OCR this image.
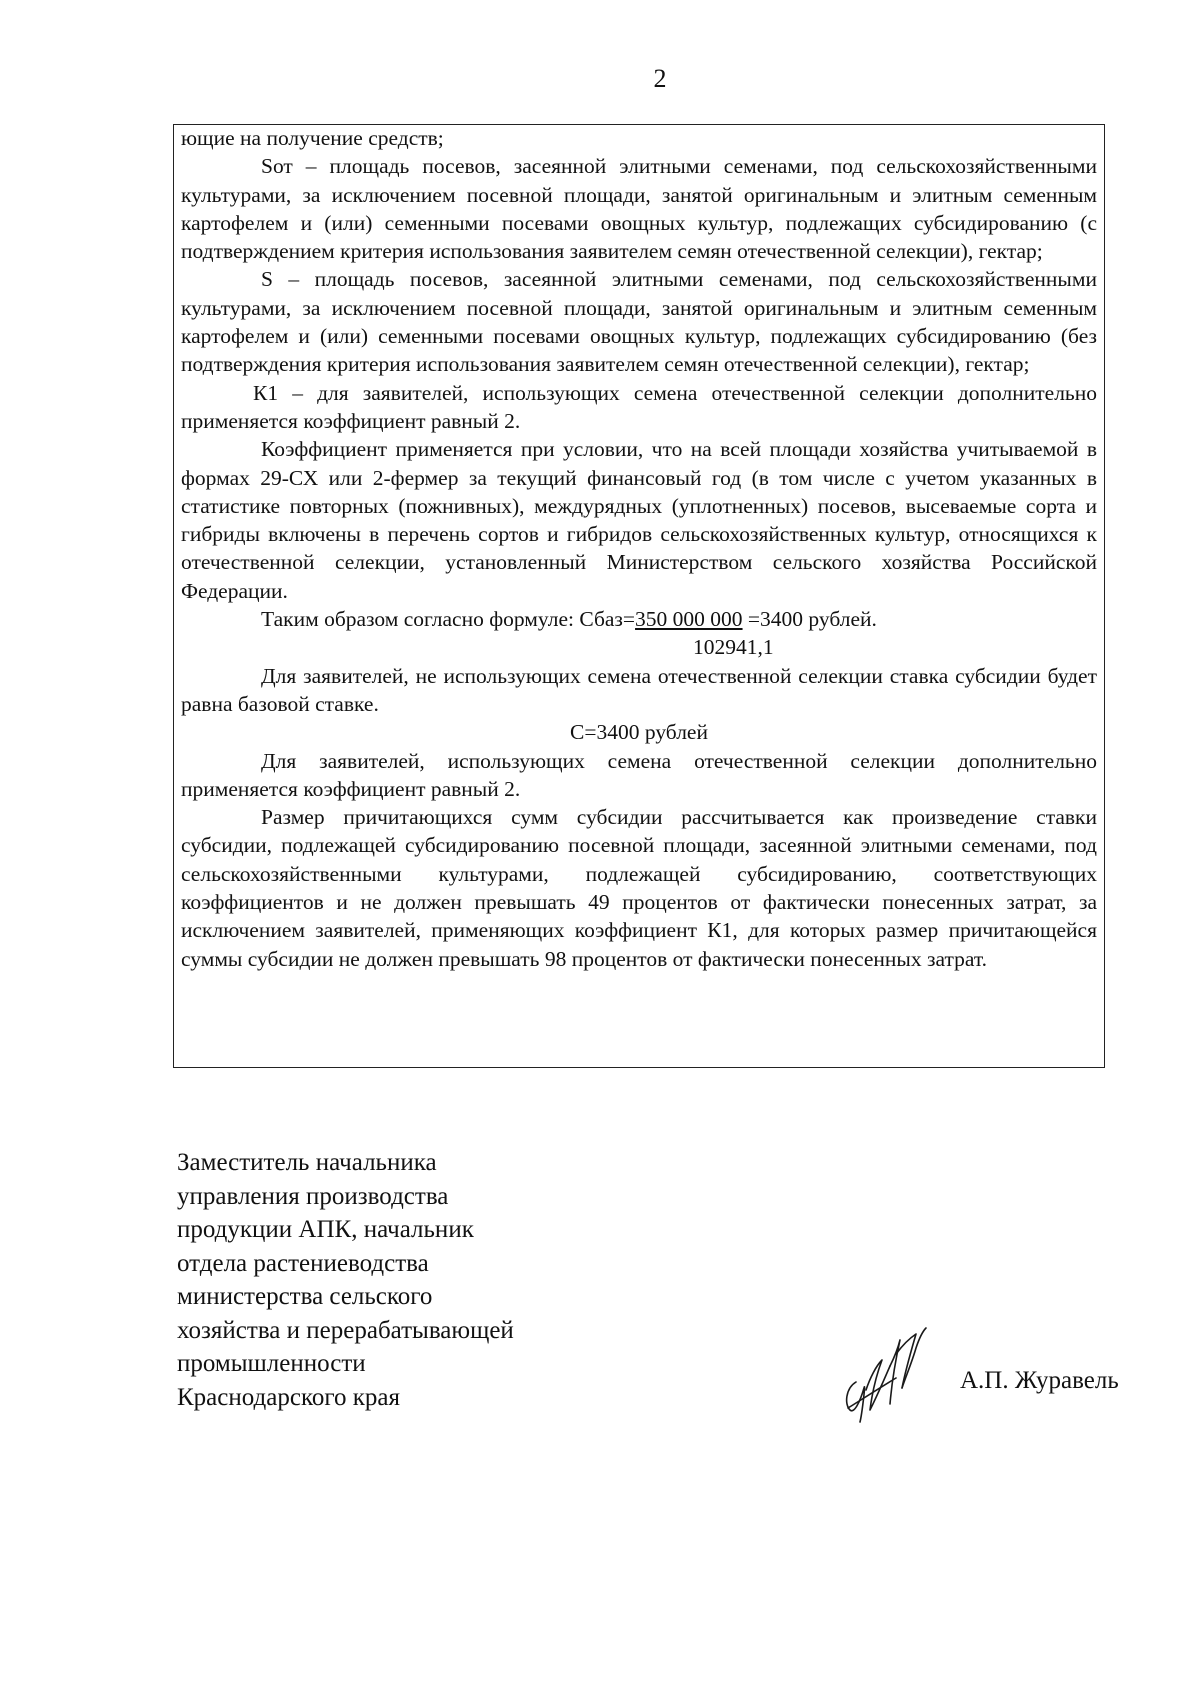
2

ющие на получение средств;

Sот – площадь посевов, засеянной элитными семенами, под сельскохозяйственными культурами, за исключением посевной площади, занятой оригинальным и элитным семенным картофелем и (или) семенными посевами овощных культур, подлежащих субсидированию (с подтверждением критерия использования заявителем семян отечественной селекции), гектар;

S – площадь посевов, засеянной элитными семенами, под сельскохозяйственными культурами, за исключением посевной площади, занятой оригинальным и элитным семенным картофелем и (или) семенными посевами овощных культур, подлежащих субсидированию (без подтверждения критерия использования заявителем семян отечественной селекции), гектар;

К1 – для заявителей, использующих семена отечественной селекции дополнительно применяется коэффициент равный 2.

Коэффициент применяется при условии, что на всей площади хозяйства учитываемой в формах 29-СХ или 2-фермер за текущий финансовый год (в том числе с учетом указанных в статистике повторных (пожнивных), междурядных (уплотненных) посевов, высеваемые сорта и гибриды включены в перечень сортов и гибридов сельскохозяйственных культур, относящихся к отечественной селекции, установленный Министерством сельского хозяйства Российской Федерации.

Таким образом согласно формуле: Сбаз=350 000 000 =3400 рублей.
102941,1

Для заявителей, не использующих семена отечественной селекции ставка субсидии будет равна базовой ставке.

С=3400 рублей

Для заявителей, использующих семена отечественной селекции дополнительно применяется коэффициент равный 2.

Размер причитающихся сумм субсидии рассчитывается как произведение ставки субсидии, подлежащей субсидированию посевной площади, засеянной элитными семенами, под сельскохозяйственными культурами, подлежащей субсидированию, соответствующих коэффициентов и не должен превышать 49 процентов от фактически понесенных затрат, за исключением заявителей, применяющих коэффициент К1, для которых размер причитающейся суммы субсидии не должен превышать 98 процентов от фактически понесенных затрат.

Заместитель начальника
управления производства
продукции АПК, начальник
отдела растениеводства
министерства сельского
хозяйства и перерабатывающей
промышленности
Краснодарского края
А.П. Журавель
